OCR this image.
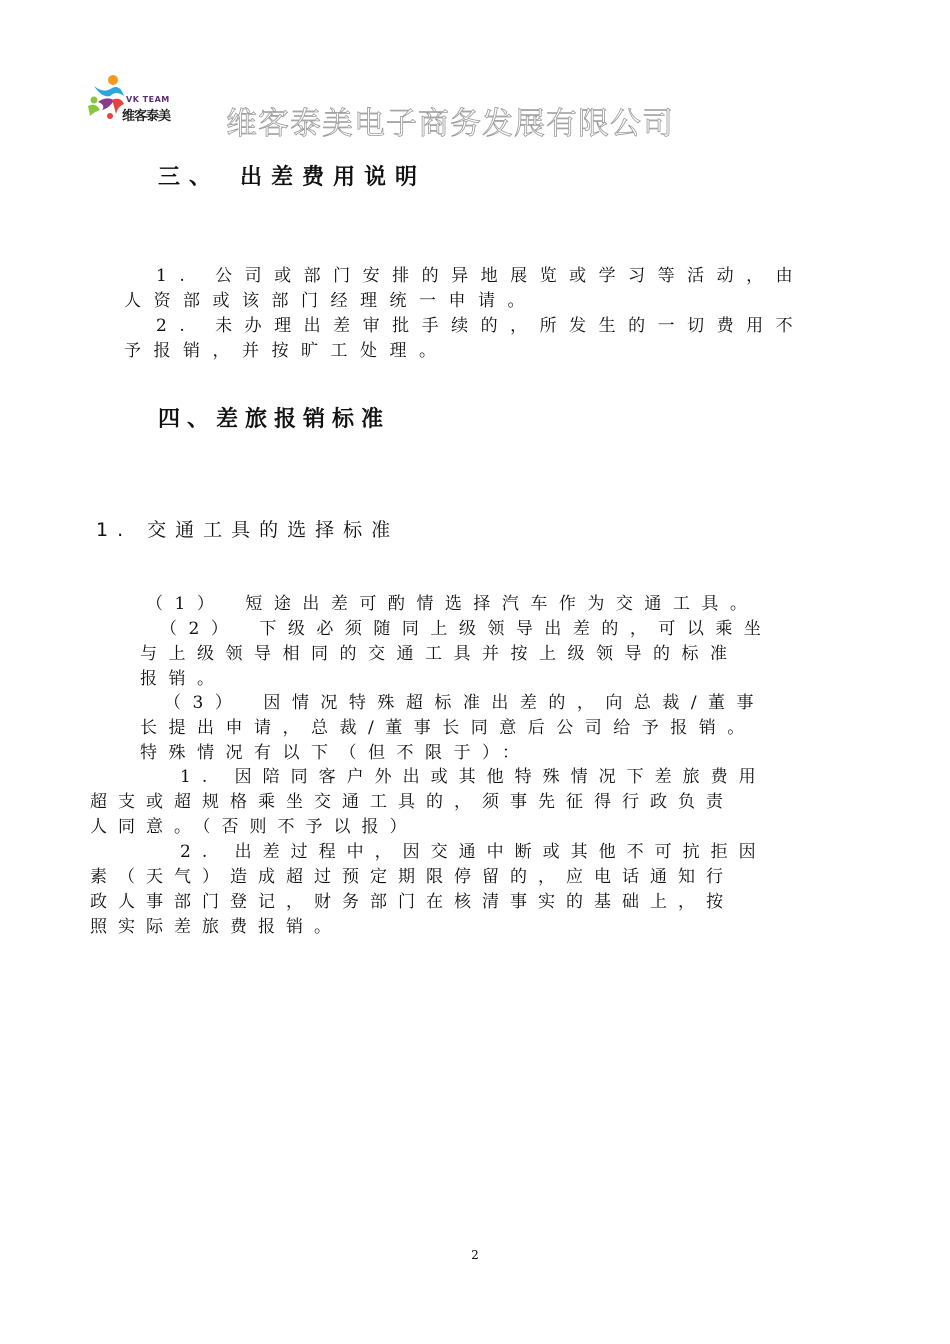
VK TEAM
维客泰美 维客泰美电子商务发展有限公司
三、　出差费用说明

1. 公司或部门安排的异地展览或学习等活动，由
人资部或该部门经理统一申请。

2. 未办理出差审批手续的，所发生的一切费用不
予报销，并按旷工处理。

四、差旅报销标准
1. 交通工具的选择标准

（1）　短途出差可酌情选择汽车作为交通工具。

（2）　下级必须随同上级领导出差的，可以乘坐
与上级领导相同的交通工具并按上级领导的标准
报销。

（3）　因情况特殊超标准出差的，向总裁/董事
长提出申请，总裁/董事长同意后公司给予报销。
特殊情况有以下（但不限于）：

1. 因陪同客户外出或其他特殊情况下差旅费用
超支或超规格乘坐交通工具的，须事先征得行政负责
人同意。（否则不予以报）

2. 出差过程中，因交通中断或其他不可抗拒因
素（天气）造成超过预定期限停留的，应电话通知行
政人事部门登记，财务部门在核清事实的基础上，按
照实际差旅费报销。

2
